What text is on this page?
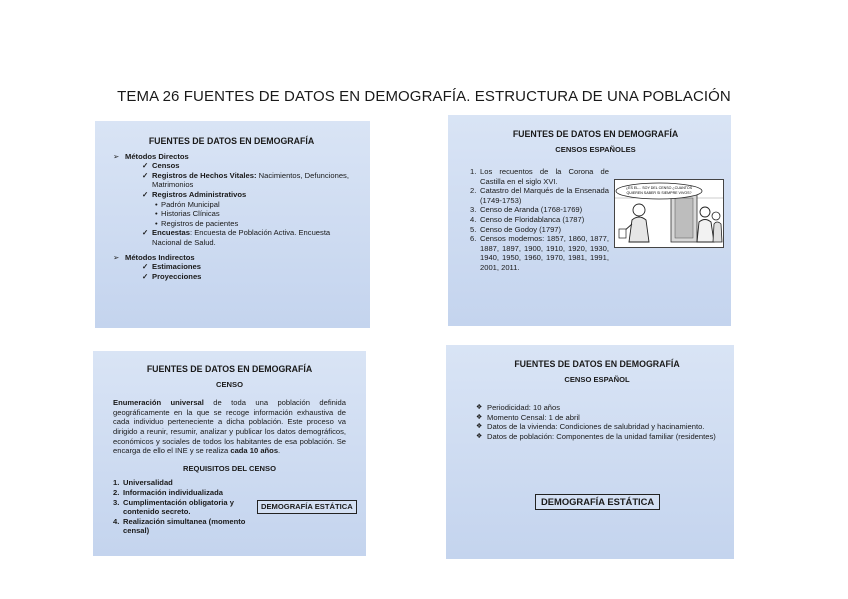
TEMA 26 FUENTES DE DATOS EN DEMOGRAFÍA. ESTRUCTURA DE UNA POBLACIÓN
FUENTES DE DATOS EN DEMOGRAFÍA
➢ Métodos Directos
✓ Censos
✓ Registros de Hechos Vitales: Nacimientos, Defunciones, Matrimonios
✓ Registros Administrativos
• Padrón Municipal
• Historias Clínicas
• Registros de pacientes
✓ Encuestas: Encuesta de Población Activa. Encuesta Nacional de Salud.
➢ Métodos Indirectos
✓ Estimaciones
✓ Proyecciones
FUENTES DE DATOS EN DEMOGRAFÍA
CENSOS ESPAÑOLES
1. Los recuentos de la Corona de Castilla en el siglo XVI.
2. Catastro del Marqués de la Ensenada (1749-1753)
3. Censo de Aranda (1768-1769)
4. Censo de Floridablanca (1787)
5. Censo de Godoy (1797)
6. Censos modernos: 1857, 1860, 1877, 1887, 1897, 1900, 1910, 1920, 1930, 1940, 1950, 1960, 1970, 1981, 1991, 2001, 2011.
¿ES EL... SOY DEL CENSO ¿CUANTOS
QUIEREN SABER SI SIEMPRE VIVOS?
FUENTES DE DATOS EN DEMOGRAFÍA
CENSO
Enumeración universal de toda una población definida geográficamente en la que se recoge información exhaustiva de cada individuo perteneciente a dicha población. Este proceso va dirigido a reunir, resumir, analizar y publicar los datos demográficos, económicos y sociales de todos los habitantes de esa población. Se encarga de ello el INE y se realiza cada 10 años.
REQUISITOS DEL CENSO
1. Universalidad
2. Información individualizada
3. Cumplimentación obligatoria y contenido secreto.
4. Realización simultanea (momento censal)
DEMOGRAFÍA ESTÁTICA
FUENTES DE DATOS EN DEMOGRAFÍA
CENSO ESPAÑOL
❖ Periodicidad: 10 años
❖ Momento Censal: 1 de abril
❖ Datos de la vivienda: Condiciones de salubridad y hacinamiento.
❖ Datos de población: Componentes de la unidad familiar (residentes)
DEMOGRAFÍA ESTÁTICA
